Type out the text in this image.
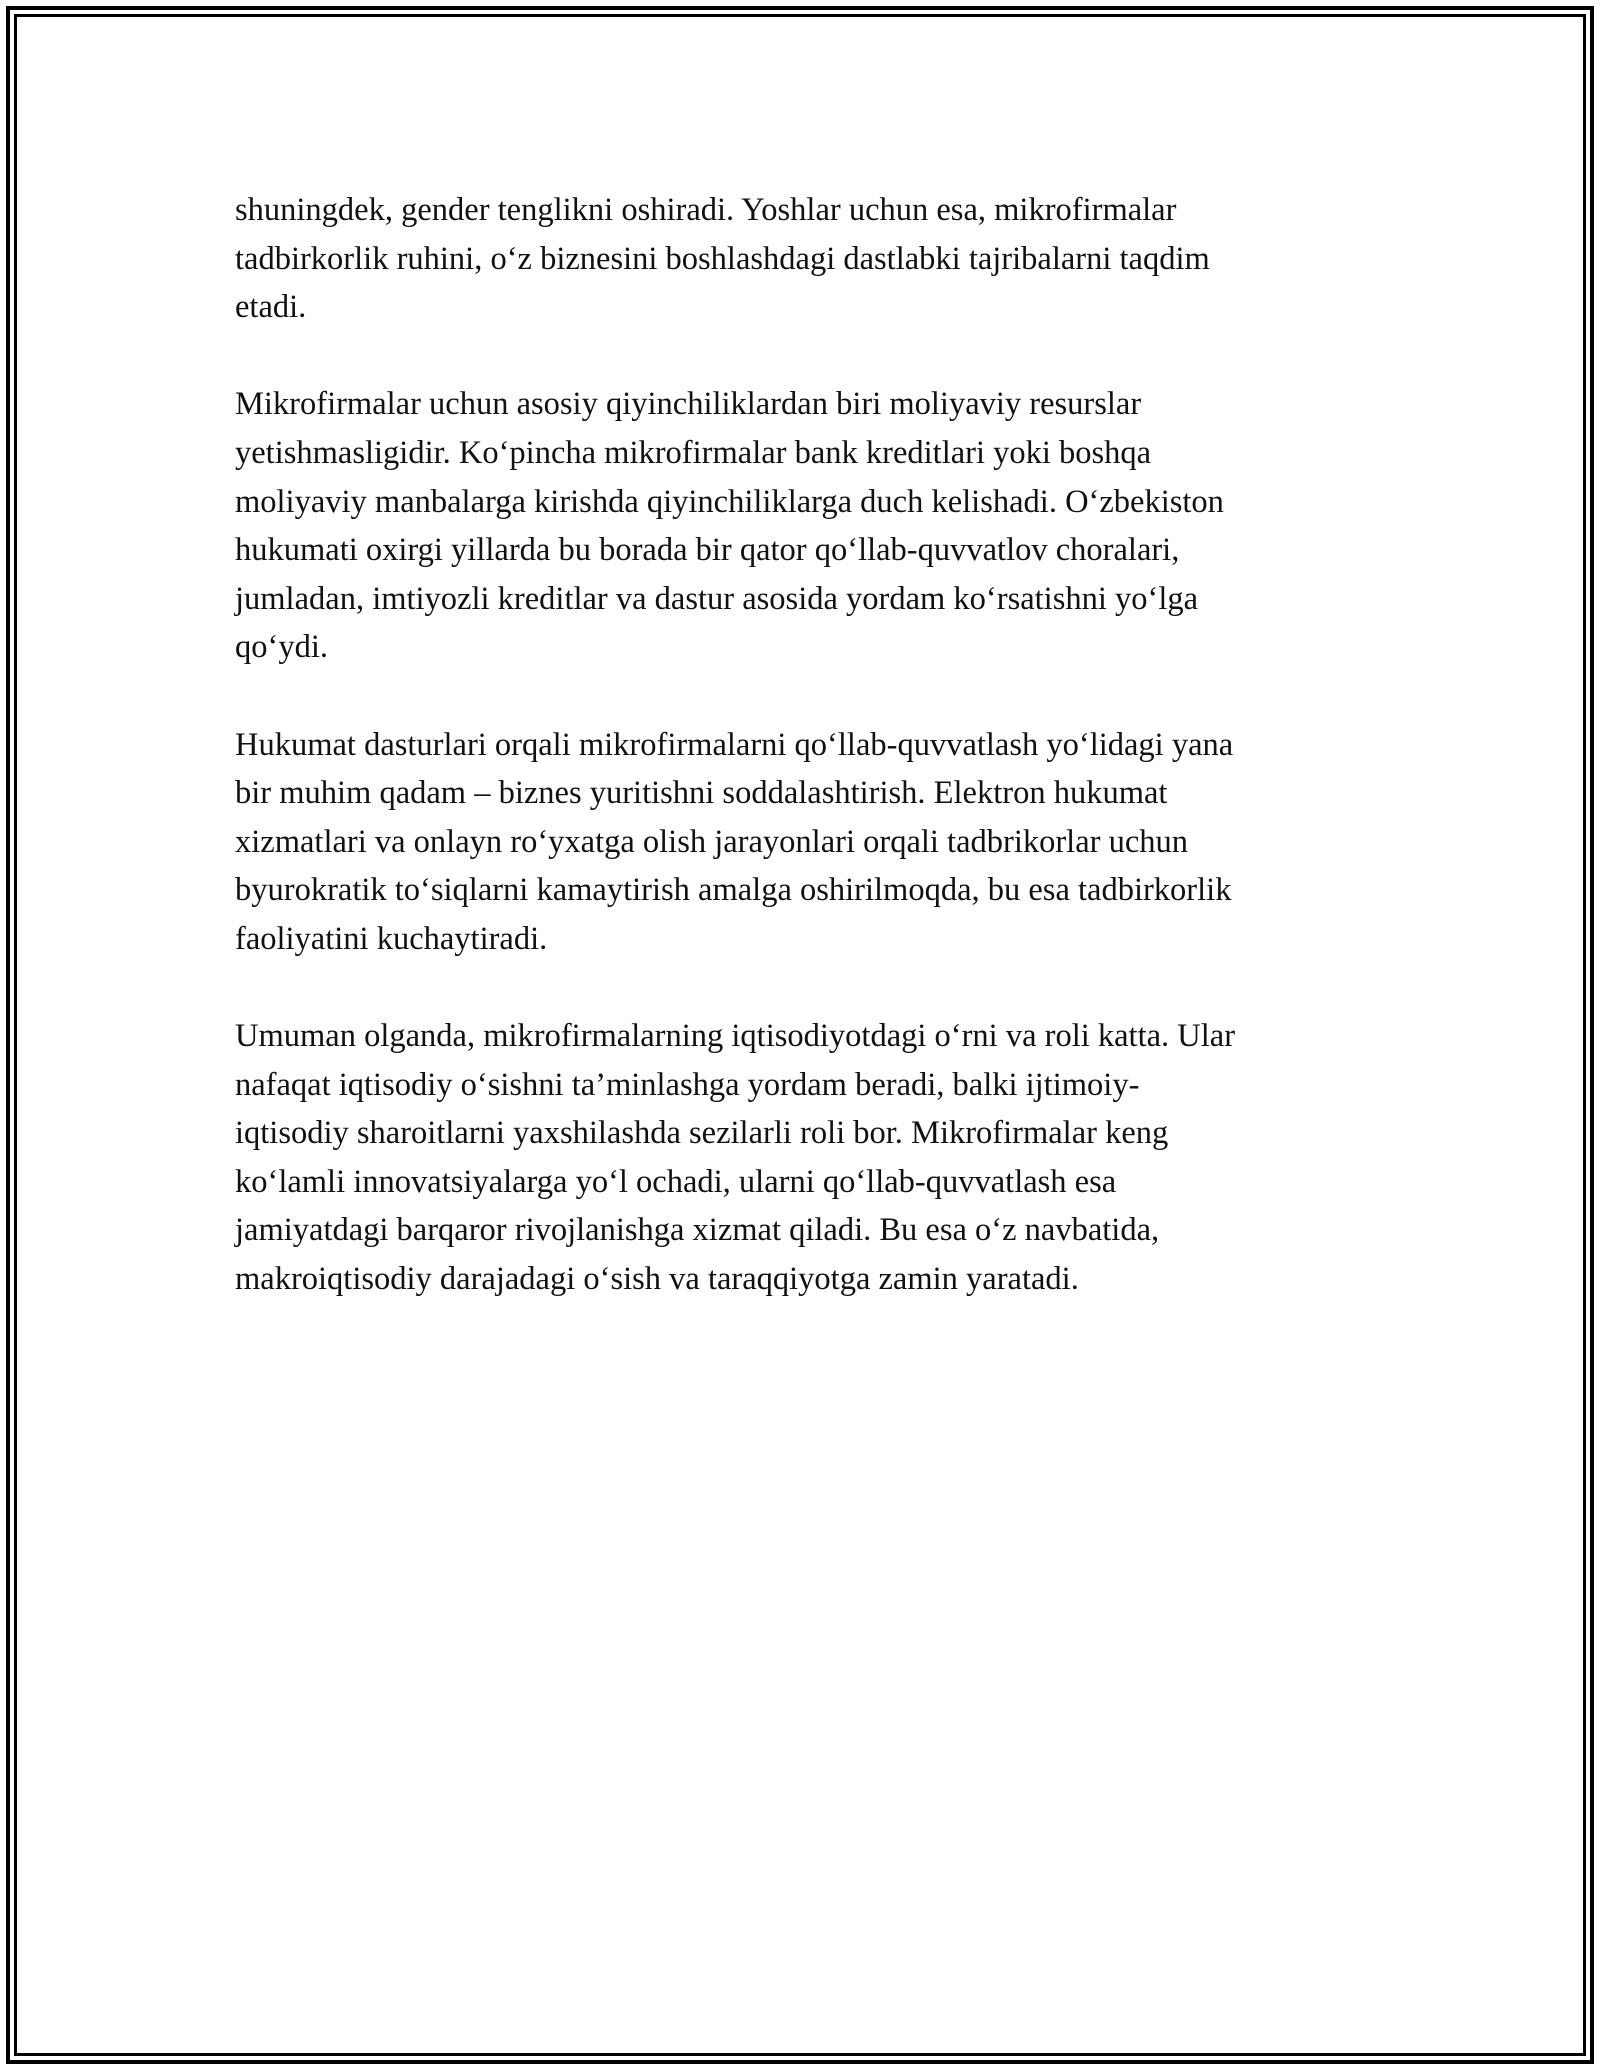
shuningdek, gender tenglikni oshiradi. Yoshlar uchun esa, mikrofirmalar
tadbirkorlik ruhini, o‘z biznesini boshlashdagi dastlabki tajribalarni taqdim
etadi.

Mikrofirmalar uchun asosiy qiyinchiliklardan biri moliyaviy resurslar
yetishmasligidir. Ko‘pincha mikrofirmalar bank kreditlari yoki boshqa
moliyaviy manbalarga kirishda qiyinchiliklarga duch kelishadi. O‘zbekiston
hukumati oxirgi yillarda bu borada bir qator qo‘llab-quvvatlov choralari,
jumladan, imtiyozli kreditlar va dastur asosida yordam ko‘rsatishni yo‘lga
qo‘ydi.

Hukumat dasturlari orqali mikrofirmalarni qo‘llab-quvvatlash yo‘lidagi yana
bir muhim qadam – biznes yuritishni soddalashtirish. Elektron hukumat
xizmatlari va onlayn ro‘yxatga olish jarayonlari orqali tadbrikorlar uchun
byurokratik to‘siqlarni kamaytirish amalga oshirilmoqda, bu esa tadbirkorlik
faoliyatini kuchaytiradi.

Umuman olganda, mikrofirmalarning iqtisodiyotdagi o‘rni va roli katta. Ular
nafaqat iqtisodiy o‘sishni ta’minlashga yordam beradi, balki ijtimoiy-
iqtisodiy sharoitlarni yaxshilashda sezilarli roli bor. Mikrofirmalar keng
ko‘lamli innovatsiyalarga yo‘l ochadi, ularni qo‘llab-quvvatlash esa
jamiyatdagi barqaror rivojlanishga xizmat qiladi. Bu esa o‘z navbatida,
makroiqtisodiy darajadagi o‘sish va taraqqiyotga zamin yaratadi.
